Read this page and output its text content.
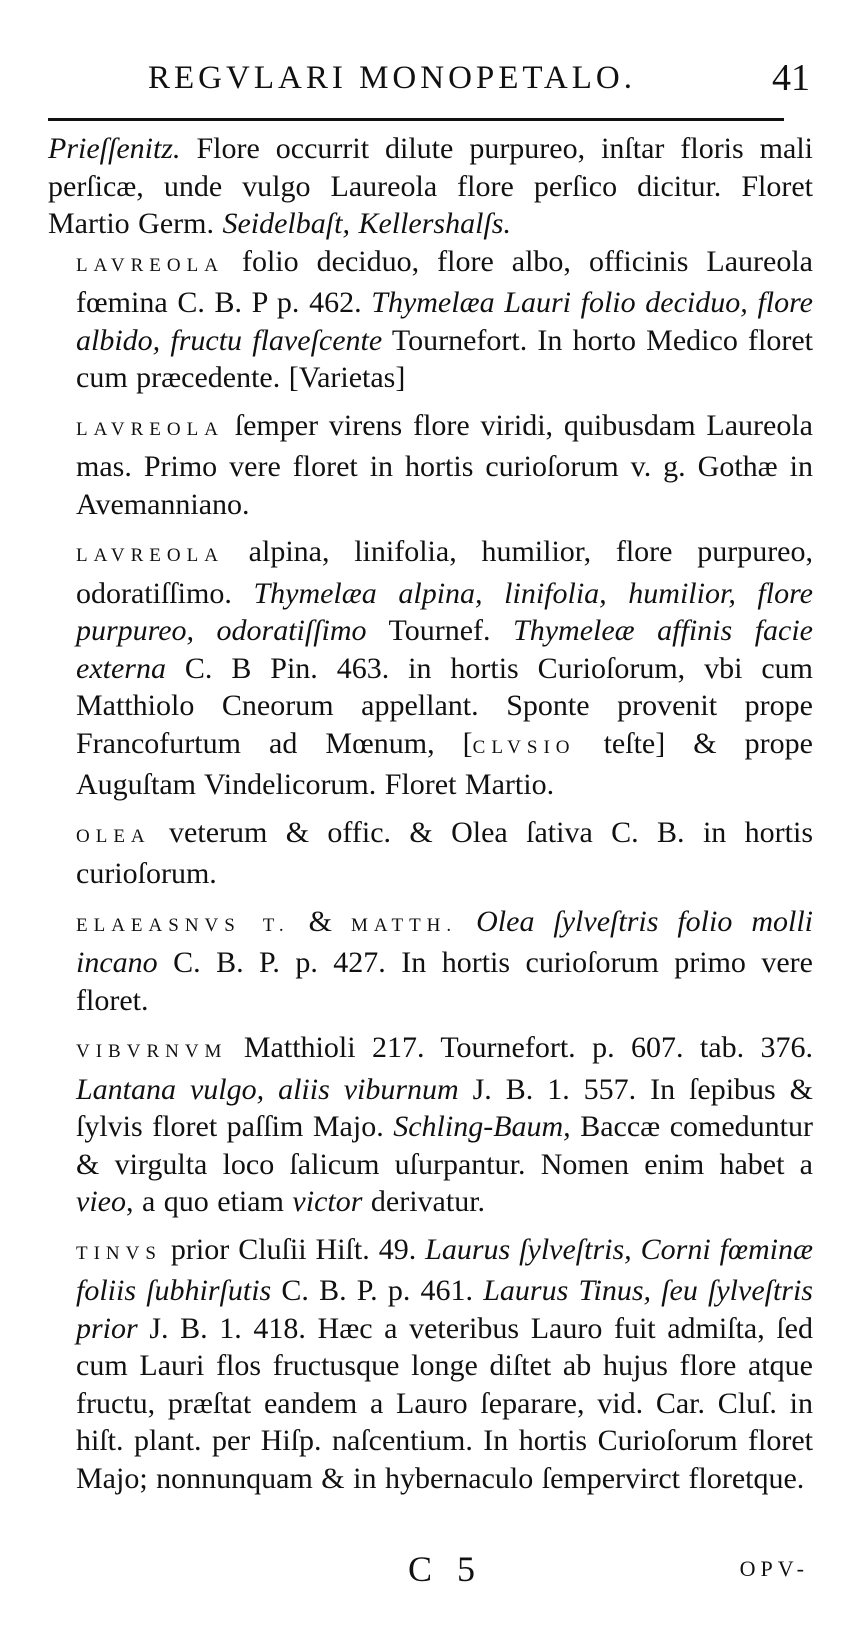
REGVLARI MONOPETALO.	41

Prieſſenitz. Flore occurrit dilute purpureo, inſtar floris mali perſicæ, unde vulgo Laureola flore perſico dicitur. Floret Martio Germ. Seidelbaſt, Kellershalſs.

LAVREOLA folio deciduo, flore albo, officinis Laureola fœmina C. B. P p. 462. Thymelæa Lauri folio deciduo, flore albido, fructu flaveſcente Tournefort. In horto Medico floret cum præcedente. [Varietas]

LAVREOLA ſemper virens flore viridi, quibusdam Laureola mas. Primo vere floret in hortis curioſorum v. g. Gothæ in Avemanniano.

LAVREOLA alpina, linifolia, humilior, flore purpureo, odoratiſſimo. Thymelæa alpina, linifolia, humilior, flore purpureo, odoratiſſimo Tournef. Thymeleæ affinis facie externa C. B Pin. 463. in hortis Curioſorum, vbi cum Matthiolo Cneorum appellant. Sponte provenit prope Francofurtum ad Mœnum, [CLVSIO teſte] & prope Auguſtam Vindelicorum. Floret Martio.

OLEA veterum & offic. & Olea ſativa C. B. in hortis curioſorum.

ELAEASNVS T. & MATTH. Olea ſylveſtris folio molli incano C. B. P. p. 427. In hortis curioſorum primo vere floret.

VIBVRNVM Matthioli 217. Tournefort. p. 607. tab. 376. Lantana vulgo, aliis viburnum J. B. 1. 557. In ſepibus & ſylvis floret paſſim Majo. Schling-Baum, Baccæ comeduntur & virgulta loco ſalicum uſurpantur. Nomen enim habet a vieo, a quo etiam victor derivatur.

TINVS prior Cluſii Hiſt. 49. Laurus ſylveſtris, Corni fœminæ foliis ſubhirſutis C. B. P. p. 461. Laurus Tinus, ſeu ſylveſtris prior J. B. 1. 418. Hæc a veteribus Lauro fuit admiſta, ſed cum Lauri flos fructusque longe diſtet ab hujus flore atque fructu, præſtat eandem a Lauro ſeparare, vid. Car. Cluſ. in hiſt. plant. per Hiſp. naſcentium. In hortis Curioſorum floret Majo; nonnunquam & in hybernaculo ſempervirct floretque.

C 5	OPV-
